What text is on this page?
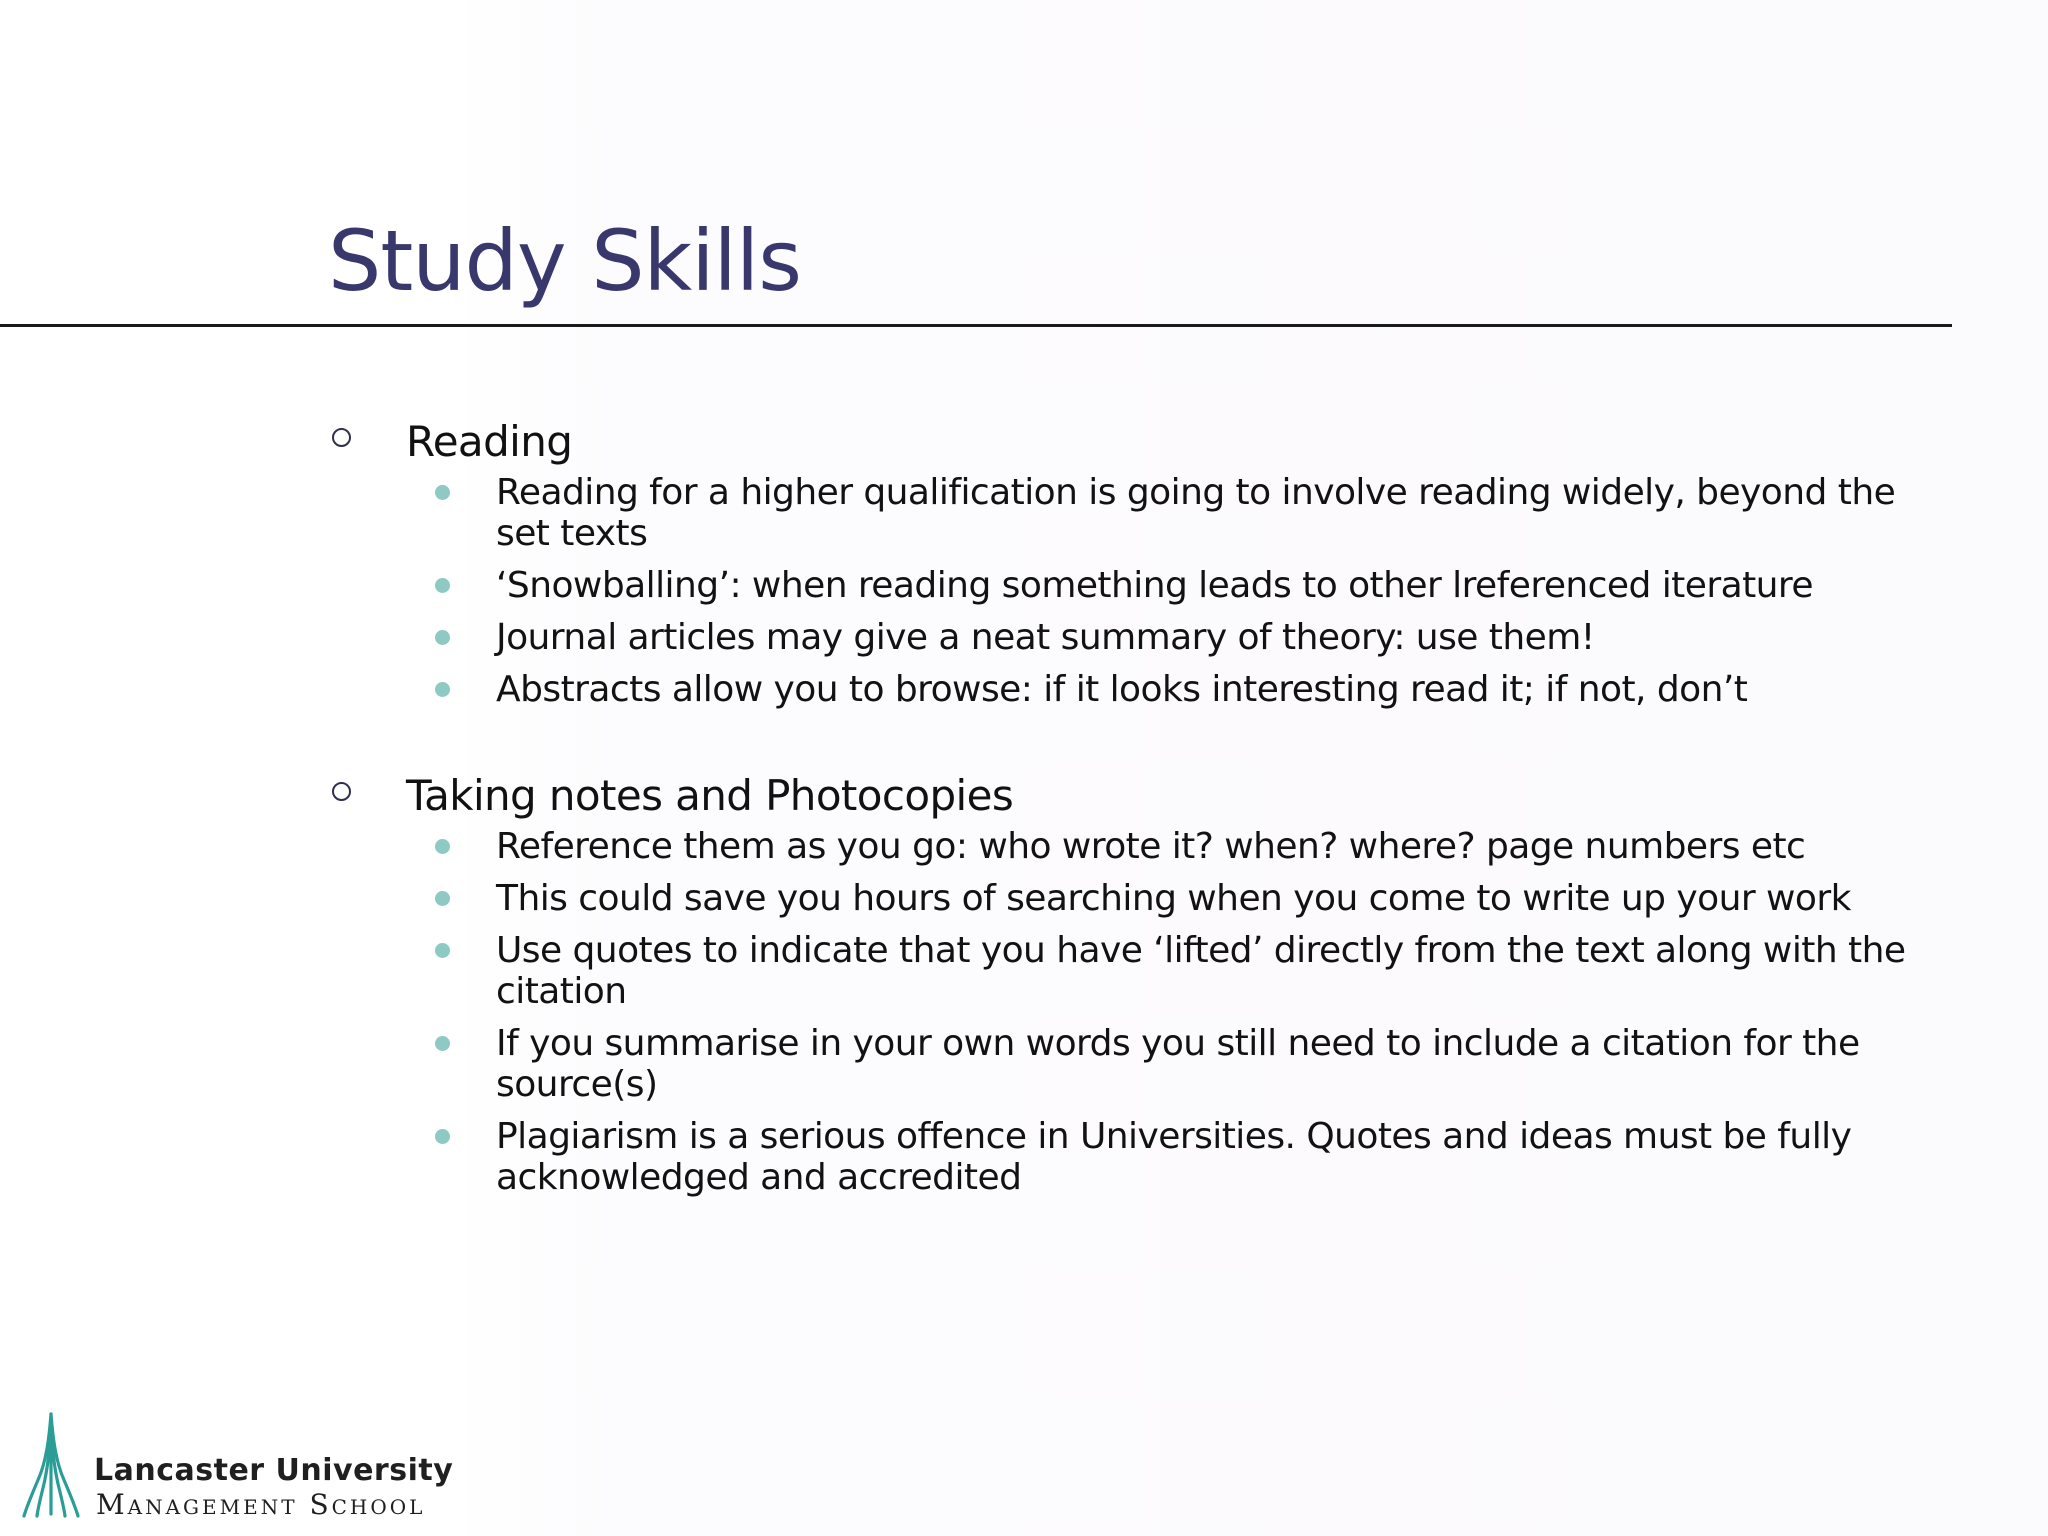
Study Skills
Reading
Reading for a higher qualification is going to involve reading widely, beyond the set texts
‘Snowballing’: when reading something leads to other lreferenced iterature
Journal articles may give a neat summary of theory: use them!
Abstracts allow you to browse: if it looks interesting read it; if not, don’t
Taking notes and Photocopies
Reference them as you go: who wrote it? when? where? page numbers etc
This could save you hours of searching when you come to write up your work
Use quotes to indicate that you have ‘lifted’ directly from the text along with the citation
If you summarise in your own words you still need to include a citation for the source(s)
Plagiarism is a serious offence in Universities. Quotes and ideas must be fully acknowledged and accredited
Lancaster University
Management School
